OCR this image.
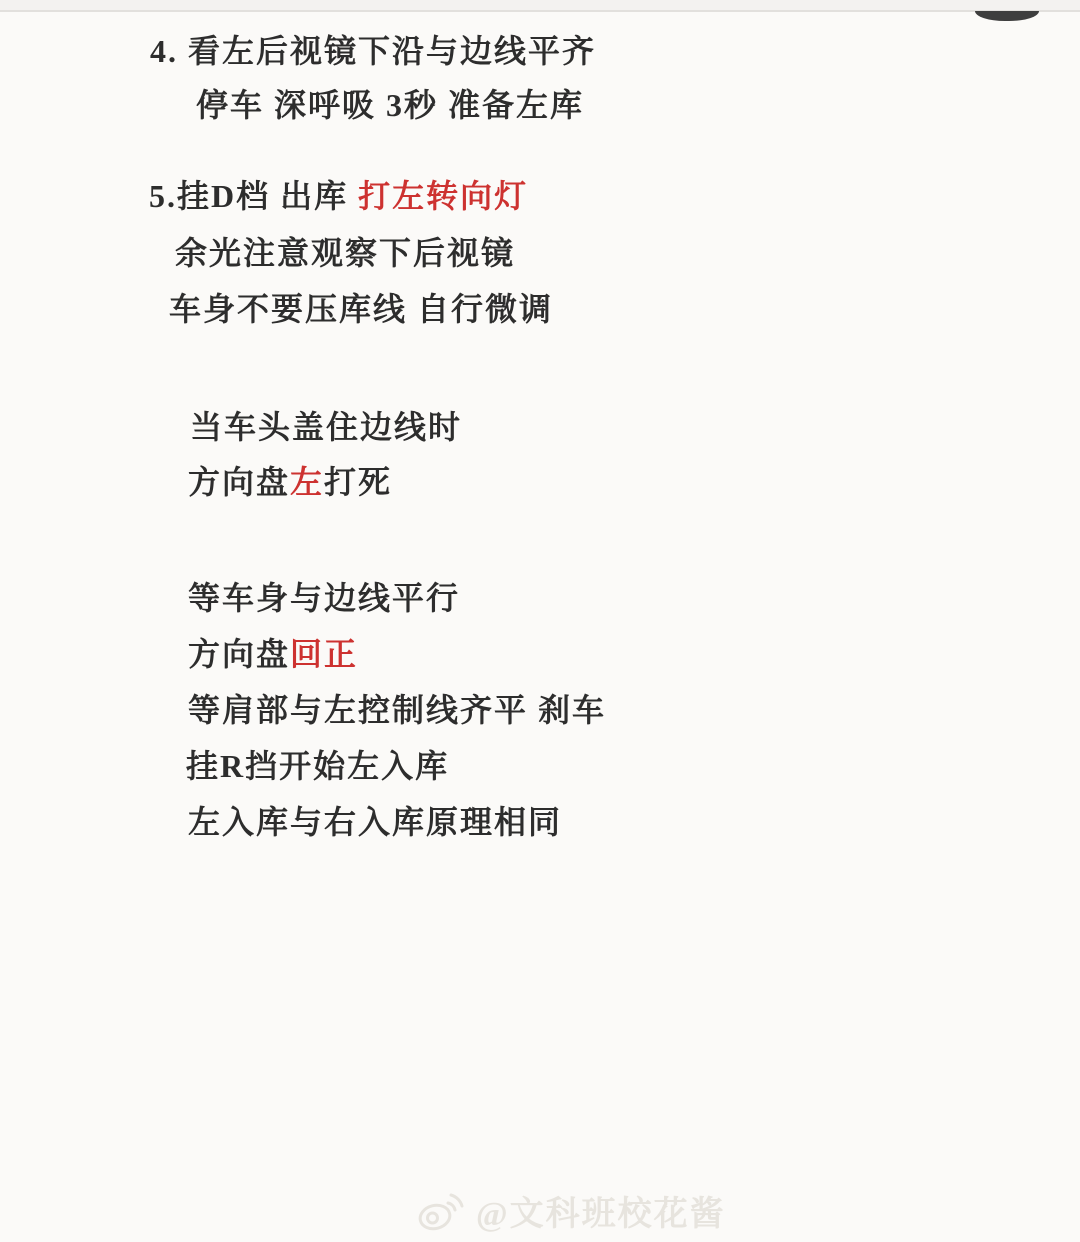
4. 看左后视镜下沿与边线平齐
停车 深呼吸 3秒 准备左库
5.挂D档 出库 打左转向灯
余光注意观察下后视镜
车身不要压库线 自行微调
当车头盖住边线时
方向盘左打死
等车身与边线平行
方向盘回正
等肩部与左控制线齐平 刹车
挂R挡开始左入库
左入库与右入库原理相同
@文科班校花酱
